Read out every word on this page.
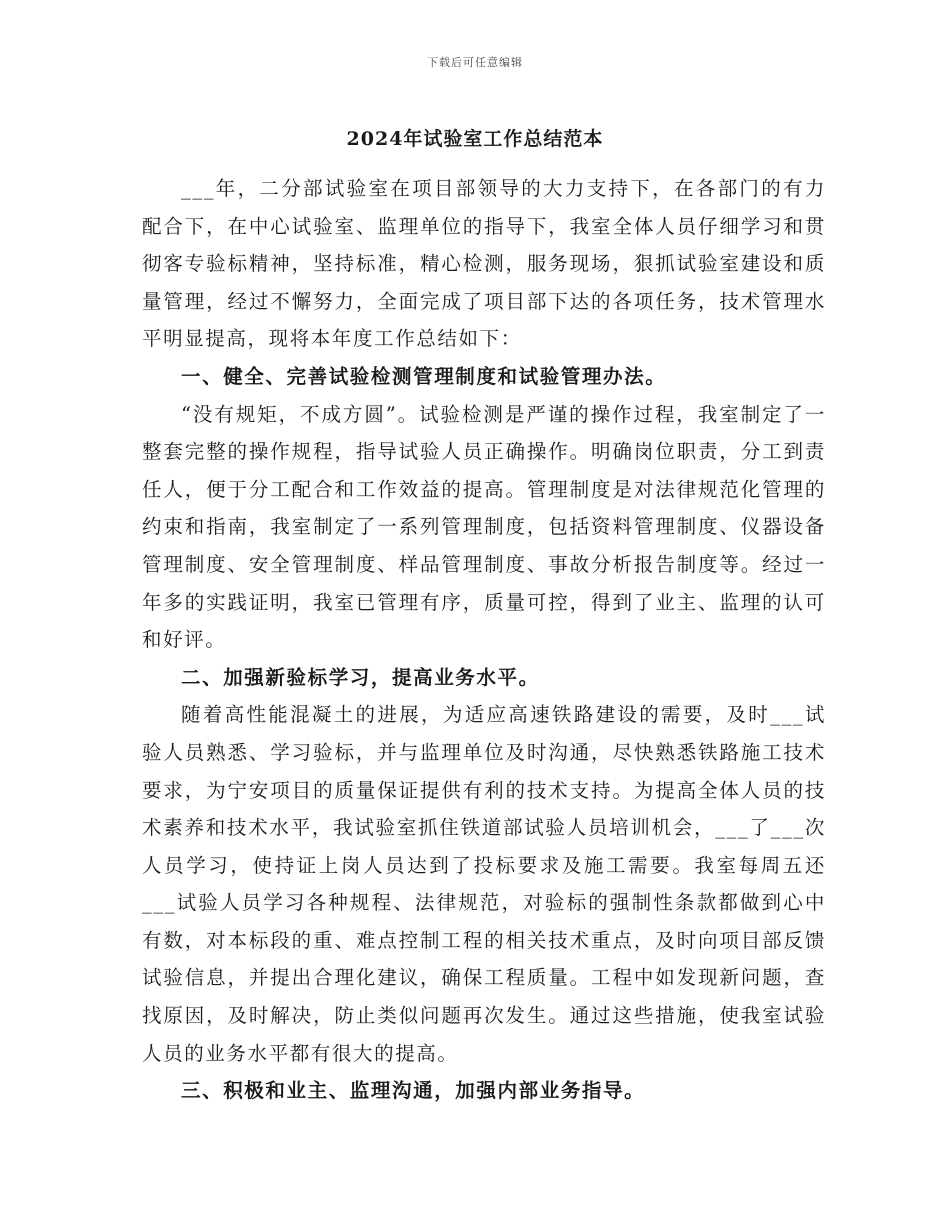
下载后可任意编辑
2024年试验室工作总结范本

___年，二分部试验室在项目部领导的大力支持下，在各部门的有力配合下，在中心试验室、监理单位的指导下，我室全体人员仔细学习和贯彻客专验标精神，坚持标准，精心检测，服务现场，狠抓试验室建设和质量管理，经过不懈努力，全面完成了项目部下达的各项任务，技术管理水平明显提高，现将本年度工作总结如下：

一、健全、完善试验检测管理制度和试验管理办法。

“没有规矩，不成方圆”。试验检测是严谨的操作过程，我室制定了一整套完整的操作规程，指导试验人员正确操作。明确岗位职责，分工到责任人，便于分工配合和工作效益的提高。管理制度是对法律规范化管理的约束和指南，我室制定了一系列管理制度，包括资料管理制度、仪器设备管理制度、安全管理制度、样品管理制度、事故分析报告制度等。经过一年多的实践证明，我室已管理有序，质量可控，得到了业主、监理的认可和好评。

二、加强新验标学习，提高业务水平。

随着高性能混凝土的进展，为适应高速铁路建设的需要，及时___试验人员熟悉、学习验标，并与监理单位及时沟通，尽快熟悉铁路施工技术要求，为宁安项目的质量保证提供有利的技术支持。为提高全体人员的技术素养和技术水平，我试验室抓住铁道部试验人员培训机会，___了___次人员学习，使持证上岗人员达到了投标要求及施工需要。我室每周五还___试验人员学习各种规程、法律规范，对验标的强制性条款都做到心中有数，对本标段的重、难点控制工程的相关技术重点，及时向项目部反馈试验信息，并提出合理化建议，确保工程质量。工程中如发现新问题，查找原因，及时解决，防止类似问题再次发生。通过这些措施，使我室试验人员的业务水平都有很大的提高。

三、积极和业主、监理沟通，加强内部业务指导。
